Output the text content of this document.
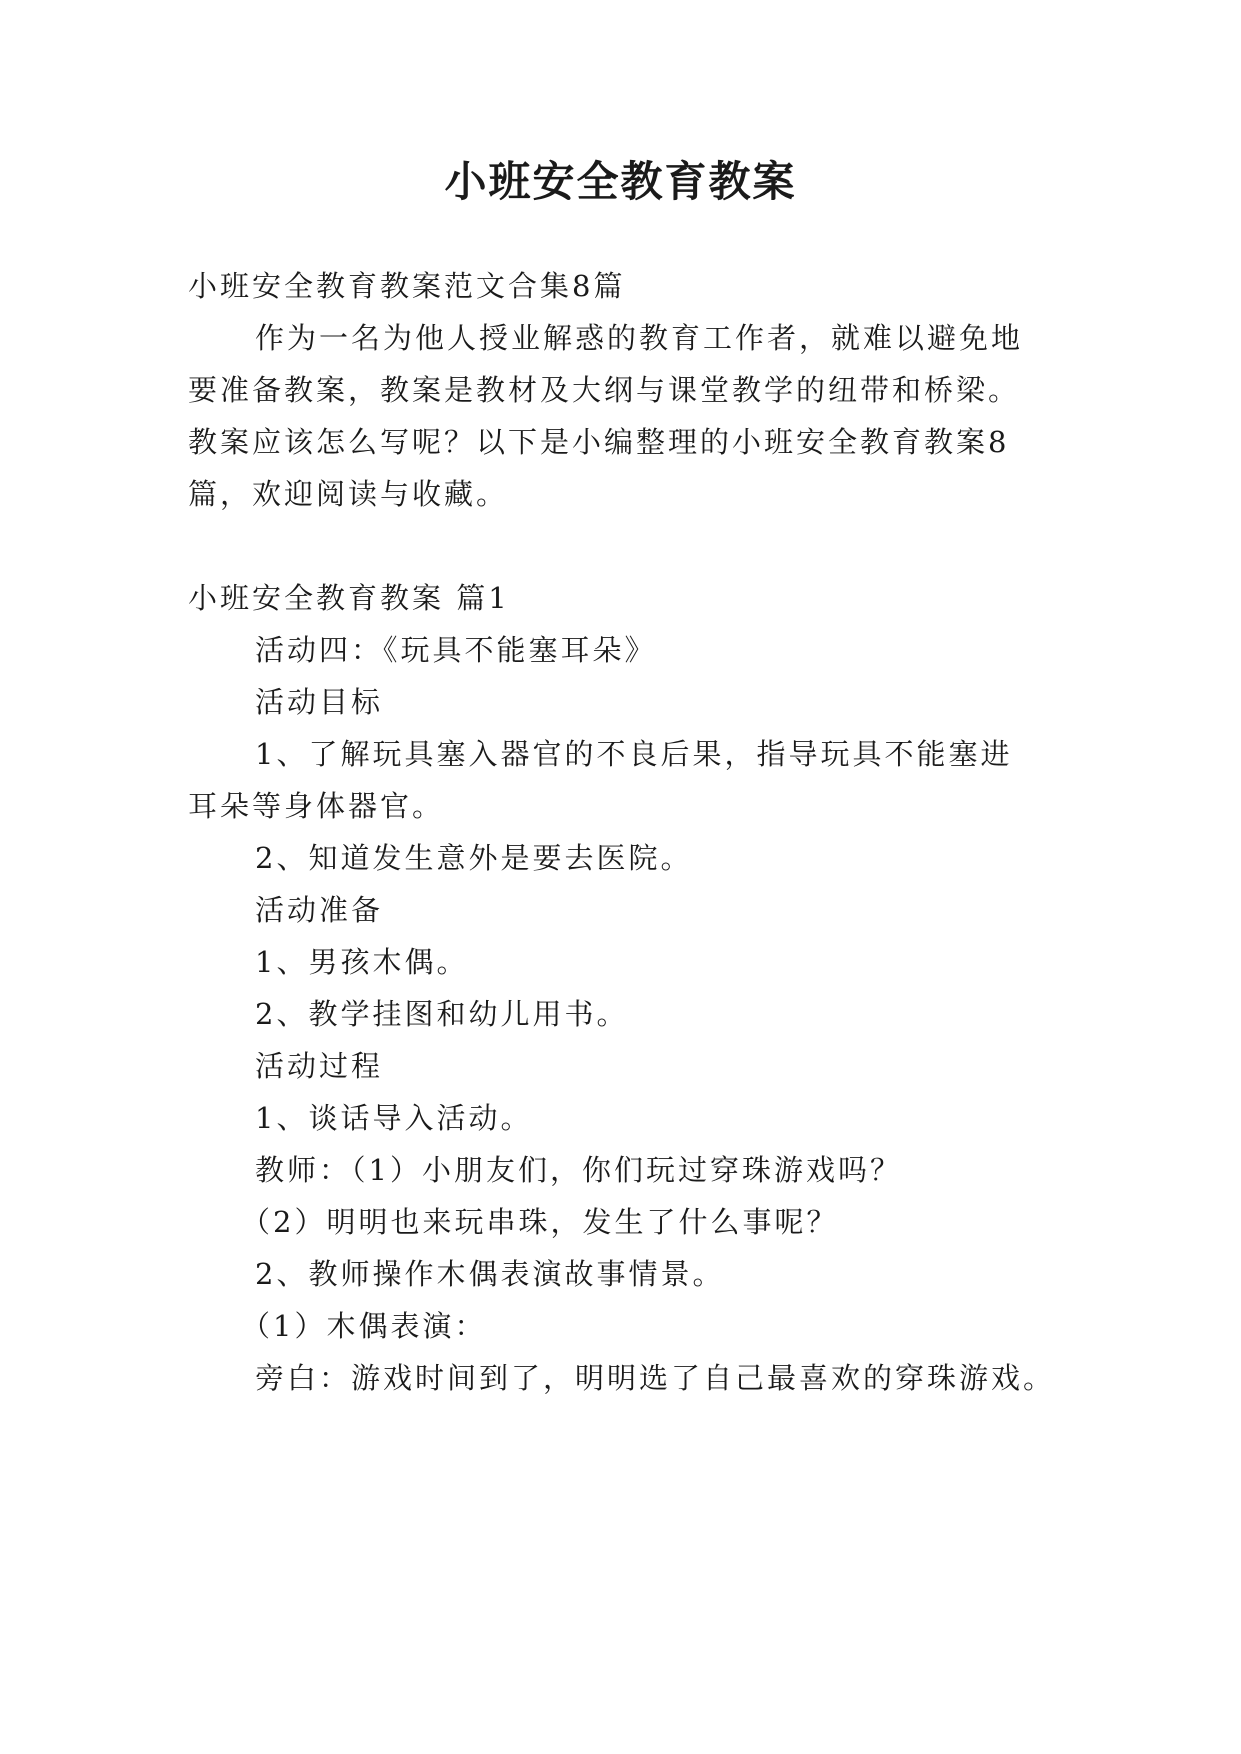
小班安全教育教案

小班安全教育教案范文合集8篇

作为一名为他人授业解惑的教育工作者，就难以避免地

要准备教案，教案是教材及大纲与课堂教学的纽带和桥梁。

教案应该怎么写呢？以下是小编整理的小班安全教育教案8

篇，欢迎阅读与收藏。

小班安全教育教案 篇1

活动四：《玩具不能塞耳朵》

活动目标

1、了解玩具塞入器官的不良后果，指导玩具不能塞进

耳朵等身体器官。

2、知道发生意外是要去医院。

活动准备

1、男孩木偶。

2、教学挂图和幼儿用书。

活动过程

1、谈话导入活动。

教师：（1）小朋友们，你们玩过穿珠游戏吗？

（2）明明也来玩串珠，发生了什么事呢？

2、教师操作木偶表演故事情景。

（1）木偶表演：

旁白：游戏时间到了，明明选了自己最喜欢的穿珠游戏。
